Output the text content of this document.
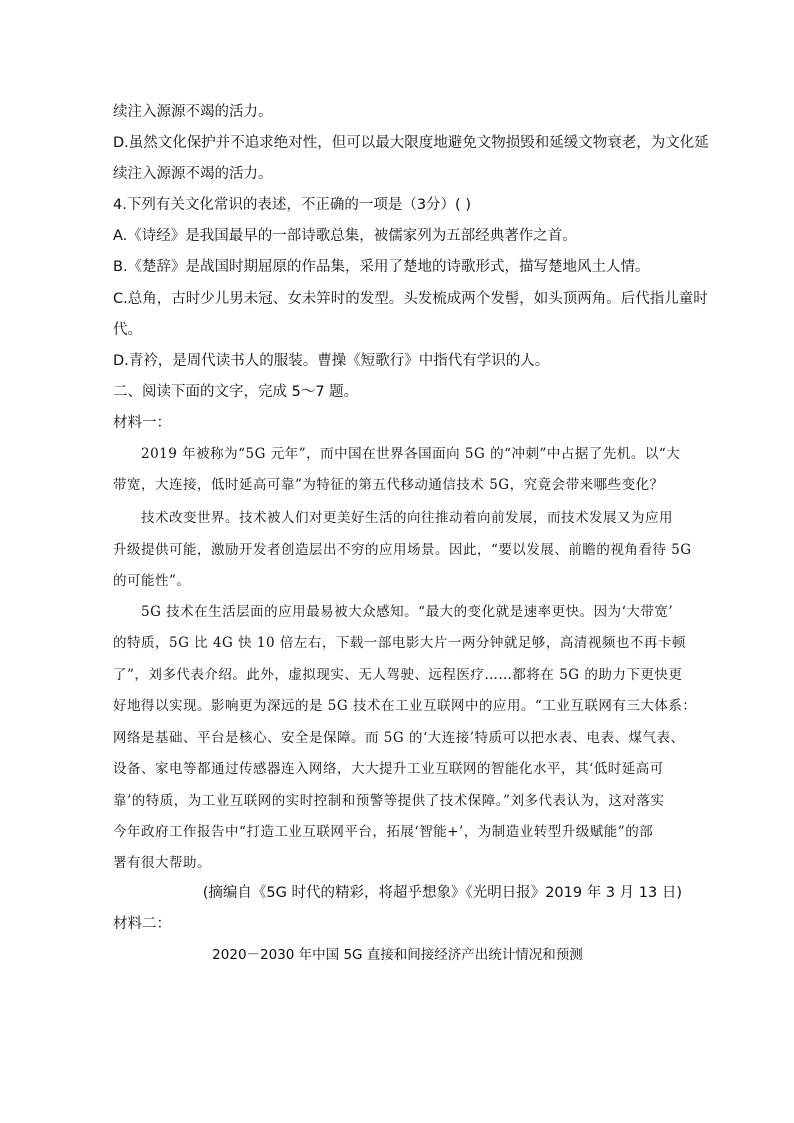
续注入源源不竭的活力。
D.虽然文化保护并不追求绝对性，但可以最大限度地避免文物损毁和延缓文物衰老，为文化延
续注入源源不竭的活力。
4.下列有关文化常识的表述，不正确的一项是（3分）( )
A.《诗经》是我国最早的一部诗歌总集，被儒家列为五部经典著作之首。
B.《楚辞》是战国时期屈原的作品集，采用了楚地的诗歌形式，描写楚地风土人情。
C.总角，古时少儿男未冠、女未笄时的发型。头发梳成两个发髻，如头顶两角。后代指儿童时
代。
D.青衿，是周代读书人的服装。曹操《短歌行》中指代有学识的人。
二、阅读下面的文字，完成 5～7 题。
材料一：
2019 年被称为“5G 元年”，而中国在世界各国面向 5G 的“冲刺”中占据了先机。以“大
带宽，大连接，低时延高可靠”为特征的第五代移动通信技术 5G，究竟会带来哪些变化？
技术改变世界。技术被人们对更美好生活的向往推动着向前发展，而技术发展又为应用
升级提供可能，激励开发者创造层出不穷的应用场景。因此，“要以发展、前瞻的视角看待 5G
的可能性”。
5G 技术在生活层面的应用最易被大众感知。“最大的变化就是速率更快。因为‘大带宽’
的特质，5G 比 4G 快 10 倍左右，下载一部电影大片一两分钟就足够，高清视频也不再卡顿
了”，刘多代表介绍。此外，虚拟现实、无人驾驶、远程医疗……都将在 5G 的助力下更快更
好地得以实现。影响更为深远的是 5G 技术在工业互联网中的应用。“工业互联网有三大体系：
网络是基础、平台是核心、安全是保障。而 5G 的‘大连接’特质可以把水表、电表、煤气表、
设备、家电等都通过传感器连入网络，大大提升工业互联网的智能化水平，其‘低时延高可
靠’的特质，为工业互联网的实时控制和预警等提供了技术保障。”刘多代表认为，这对落实
今年政府工作报告中“打造工业互联网平台，拓展‘智能+’，为制造业转型升级赋能”的部
署有很大帮助。
(摘编自《5G 时代的精彩，将超乎想象》《光明日报》2019 年 3 月 13 日)
材料二：
2020－2030 年中国 5G 直接和间接经济产出统计情况和预测
